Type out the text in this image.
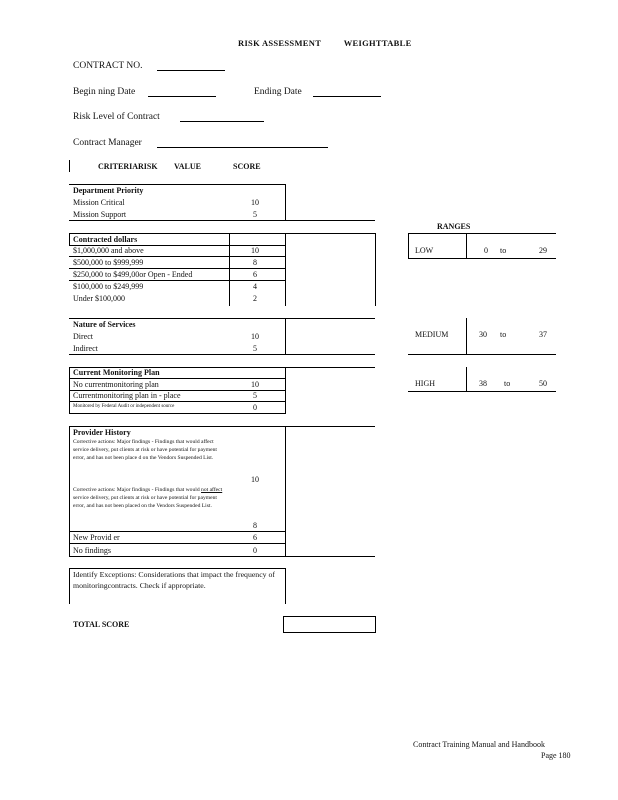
RISK ASSESSMENT	WEIGHTTABLE
CONTRACT NO.
Begin ning Date	Ending Date
Risk Level of Contract
Contract Manager
CRITERIARISK VALUE	SCORE
Department Priority
Mission Critical	10
Mission Support	5
Contracted dollars
$1,000,000 and above	10
$500,000 to $999,999	8
$250,000 to $499,00or Open - Ended	6
$100,000 to $249,999	4
Under $100,000	2
Nature of Services
Direct	10
Indirect	5
Current Monitoring Plan
No currentmonitoring plan	10
Currentmonitoring plan in - place	5
Monitored by Federal Audit or independent source	0
Provider History
Corrective actions: Major findings - Findings that would affect service delivery, put clients at risk or have potential for payment error, and has not been place d on the Vendors Suspended List.
10
Corrective actions: Major findings - Findings that would not affect service delivery, put clients at risk or have potential for payment error, and has not been placed on the Vendors Suspended List.
8
New Provid er	6
No findings	0
Identify Exceptions: Considerations that impact the frequency of monitoringcontracts. Check if appropriate.
TOTAL SCORE
RANGES
LOW	0 to	29
MEDIUM	30 to	37
HIGH	38 to	50
Contract Training Manual and Handbook
Page 180
